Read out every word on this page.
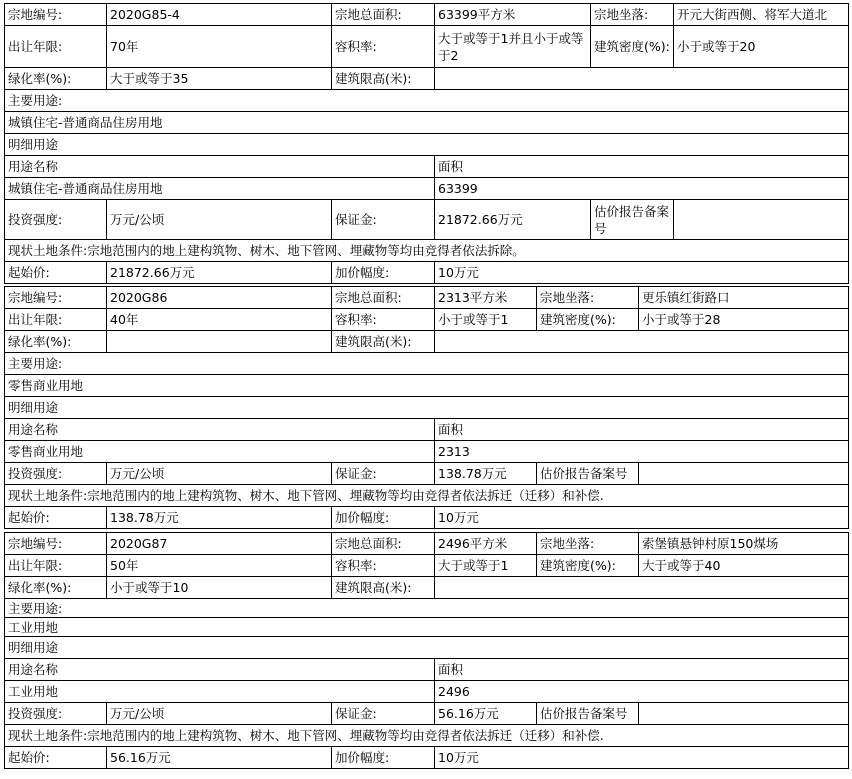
宗地编号:	2020G85-4	宗地总面积:	63399平方米	宗地坐落:	开元大街西侧、将军大道北
出让年限:	70年	容积率:	大于或等于1并且小于或等于2	建筑密度(%):	小于或等于20
绿化率(%):	大于或等于35	建筑限高(米):			
主要用途:					
城镇住宅-普通商品住房用地					
明细用途					
用途名称			面积		
城镇住宅-普通商品住房用地			63399		
投资强度:	万元/公顷	保证金:	21872.66万元	估价报告备案号	
现状土地条件:宗地范围内的地上建构筑物、树木、地下管网、埋藏物等均由竞得者依法拆除。					
起始价:	21872.66万元	加价幅度:	10万元		
宗地编号:	2020G86	宗地总面积:	2313平方米	宗地坐落:	更乐镇红街路口
出让年限:	40年	容积率:	小于或等于1	建筑密度(%):	小于或等于28
绿化率(%):		建筑限高(米):			
主要用途:					
零售商业用地					
明细用途					
用途名称			面积		
零售商业用地			2313		
投资强度:	万元/公顷	保证金:	138.78万元	估价报告备案号	
现状土地条件:宗地范围内的地上建构筑物、树木、地下管网、埋藏物等均由竞得者依法拆迁（迁移）和补偿.					
起始价:	138.78万元	加价幅度:	10万元		
宗地编号:	2020G87	宗地总面积:	2496平方米	宗地坐落:	索堡镇悬钟村原150煤场
出让年限:	50年	容积率:	大于或等于1	建筑密度(%):	大于或等于40
绿化率(%):	小于或等于10	建筑限高(米):			
主要用途:					
工业用地					
明细用途					
用途名称			面积		
工业用地			2496		
投资强度:	万元/公顷	保证金:	56.16万元	估价报告备案号	
现状土地条件:宗地范围内的地上建构筑物、树木、地下管网、埋藏物等均由竞得者依法拆迁（迁移）和补偿.					
起始价:	56.16万元	加价幅度:	10万元		
